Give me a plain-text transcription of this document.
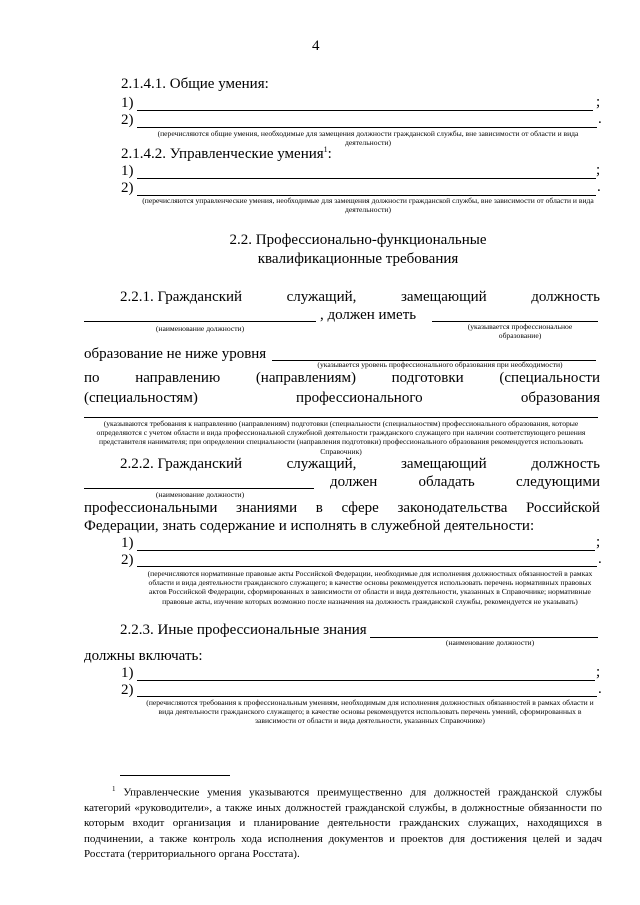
4
2.1.4.1. Общие умения:
1)	;
2)	.
(перечисляются общие умения, необходимые для замещения должности гражданской службы, вне зависимости от области и вида деятельности)
2.1.4.2. Управленческие умения$^1$:
1)	;
2)	.
(перечисляются управленческие умения, необходимые для замещения должности гражданской службы, вне зависимости от области и вида деятельности)
2.2. Профессионально-функциональные
квалификационные требования
2.2.1. Гражданский	служащий,	замещающий	должность
, должен иметь
(наименование должности)	(указывается профессиональное
образование)
образование не ниже уровня
(указывается уровень профессионального образования при необходимости)
по направлению (направлениям) подготовки (специальности
(специальностям)	профессионального	образования
(указываются требования к направлению (направлениям) подготовки (специальности (специальностям) профессионального образования, которые определяются с учетом области и вида профессиональной служебной деятельности гражданского служащего при наличии соответствующего решения представителя нанимателя; при определении специальности (направления подготовки) профессионального образования рекомендуется использовать Справочник)
2.2.2. Гражданский	служащий,	замещающий	должность
должен	обладать	следующими
(наименование должности)
профессиональными знаниями в сфере законодательства Российской
Федерации, знать содержание и исполнять в служебной деятельности:
1)	;
2)	.
(перечисляются нормативные правовые акты Российской Федерации, необходимые для исполнения должностных обязанностей в рамках области и вида деятельности гражданского служащего; в качестве основы рекомендуется использовать перечень нормативных правовых актов Российской Федерации, сформированных в зависимости от области и вида деятельности, указанных в Справочнике; нормативные правовые акты, изучение которых возможно после назначения на должность гражданской службы, рекомендуется не указывать)
2.2.3. Иные профессиональные знания
(наименование должности)
должны включать:
1)	;
2)	.
(перечисляются требования к профессиональным умениям, необходимым для исполнения должностных обязанностей в рамках области и вида деятельности гражданского служащего; в качестве основы рекомендуется использовать перечень умений, сформированных в зависимости от области и вида деятельности, указанных Справочнике)
$^1$ Управленческие умения указываются преимущественно для должностей гражданской службы категорий «руководители», а также иных должностей гражданской службы, в должностные обязанности по которым входит организация и планирование деятельности гражданских служащих, находящихся в подчинении, а также контроль хода исполнения документов и проектов для достижения целей и задач Росстата (территориального органа Росстата).
